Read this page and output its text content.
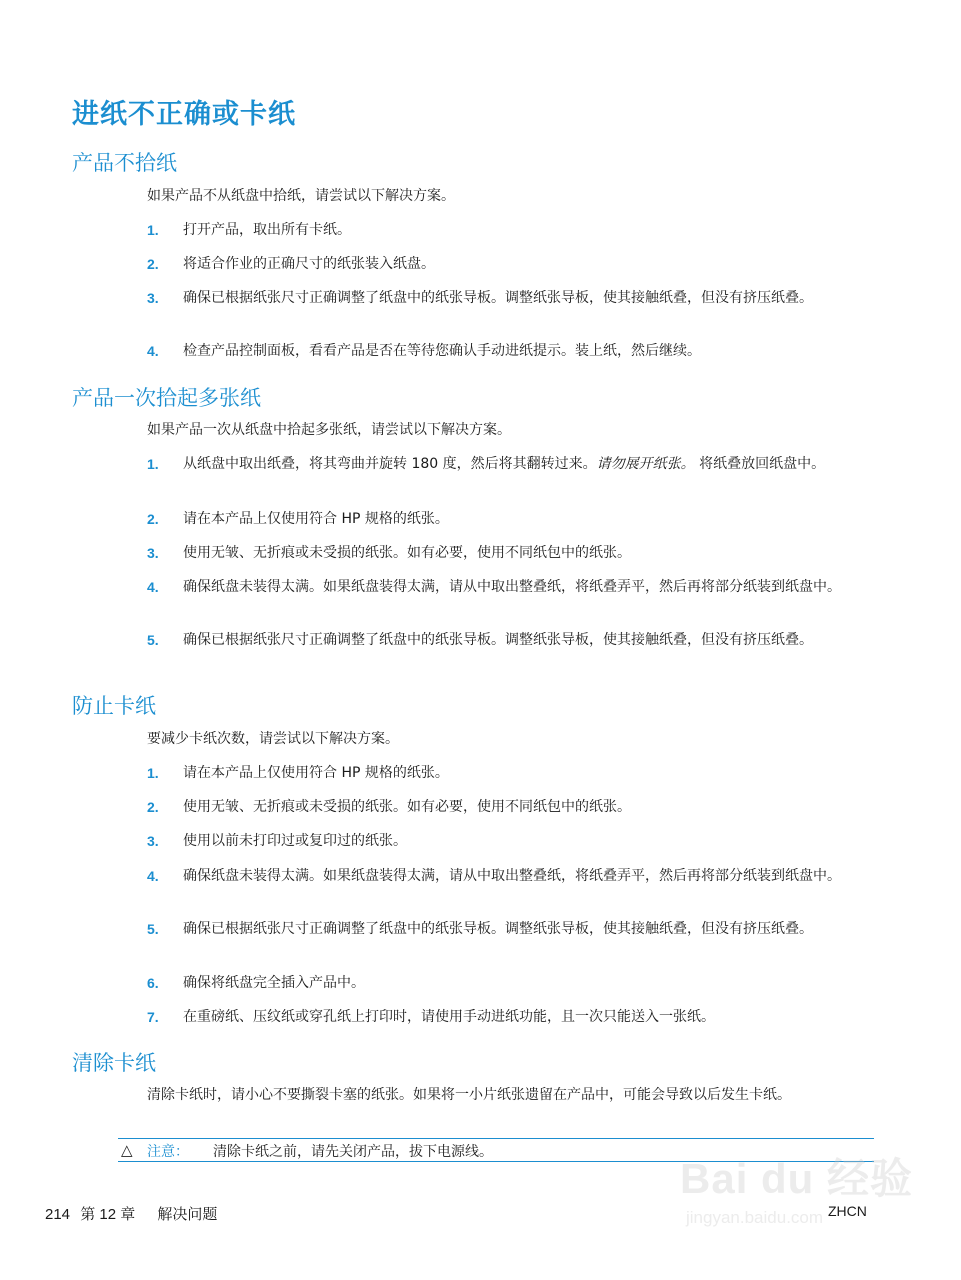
进纸不正确或卡纸
产品不拾纸

如果产品不从纸盘中拾纸，请尝试以下解决方案。

1.	打开产品，取出所有卡纸。
2.	将适合作业的正确尺寸的纸张装入纸盘。
3.	确保已根据纸张尺寸正确调整了纸盘中的纸张导板。调整纸张导板，使其接触纸叠，但没有挤压纸叠。
4.	检查产品控制面板，看看产品是否在等待您确认手动进纸提示。装上纸，然后继续。
产品一次拾起多张纸

如果产品一次从纸盘中拾起多张纸，请尝试以下解决方案。

1.	从纸盘中取出纸叠，将其弯曲并旋转 180 度，然后将其翻转过来。请勿展开纸张。 将纸叠放回纸盘中。
2.	请在本产品上仅使用符合 HP 规格的纸张。
3.	使用无皱、无折痕或未受损的纸张。如有必要，使用不同纸包中的纸张。
4.	确保纸盘未装得太满。如果纸盘装得太满，请从中取出整叠纸，将纸叠弄平，然后再将部分纸装到纸盘中。
5.	确保已根据纸张尺寸正确调整了纸盘中的纸张导板。调整纸张导板，使其接触纸叠，但没有挤压纸叠。
防止卡纸

要减少卡纸次数，请尝试以下解决方案。

1.	请在本产品上仅使用符合 HP 规格的纸张。
2.	使用无皱、无折痕或未受损的纸张。如有必要，使用不同纸包中的纸张。
3.	使用以前未打印过或复印过的纸张。
4.	确保纸盘未装得太满。如果纸盘装得太满，请从中取出整叠纸，将纸叠弄平，然后再将部分纸装到纸盘中。
5.	确保已根据纸张尺寸正确调整了纸盘中的纸张导板。调整纸张导板，使其接触纸叠，但没有挤压纸叠。
6.	确保将纸盘完全插入产品中。
7.	在重磅纸、压纹纸或穿孔纸上打印时，请使用手动进纸功能，且一次只能送入一张纸。
清除卡纸

清除卡纸时，请小心不要撕裂卡塞的纸张。如果将一小片纸张遗留在产品中，可能会导致以后发生卡纸。

△ 注意： 清除卡纸之前，请先关闭产品，拔下电源线。
214 第 12 章 解决问题	ZHCN
Bai du 经验
jingyan.baidu.com
